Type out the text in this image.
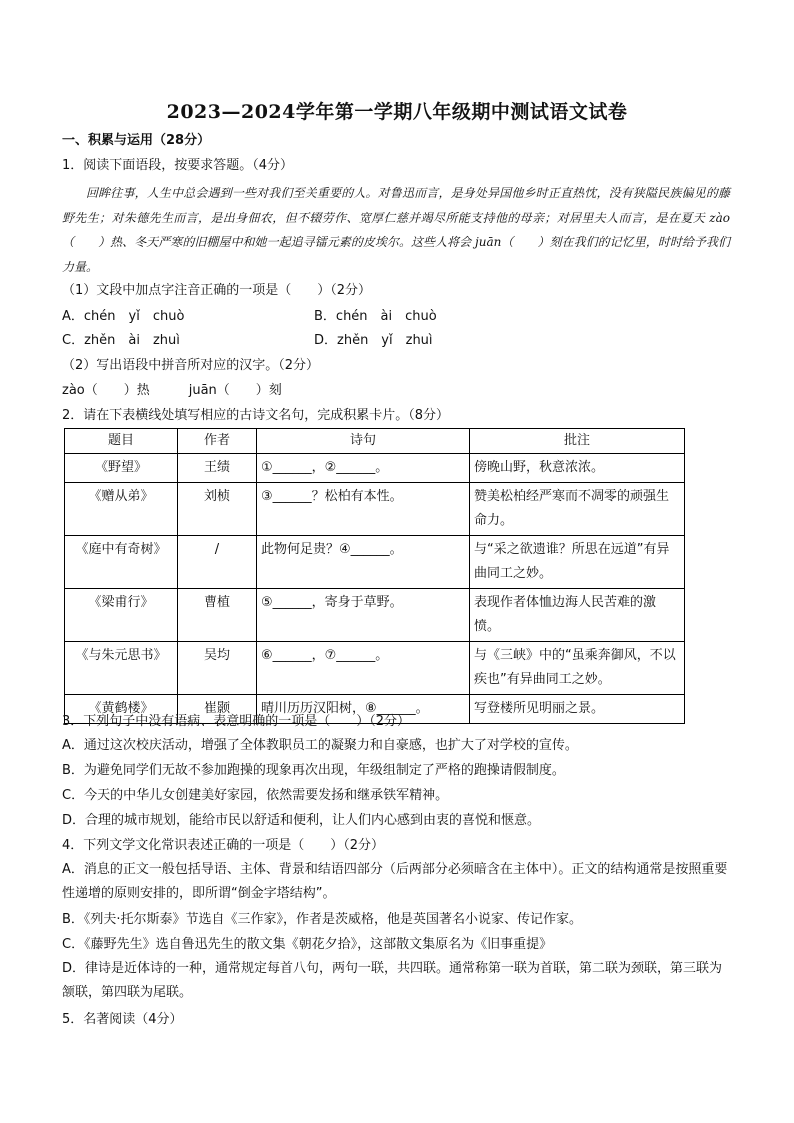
2023—2024学年第一学期八年级期中测试语文试卷
一、积累与运用（28分）
1．阅读下面语段，按要求答题。（4分）

回眸往事，人生中总会遇到一些对我们至关重要的人。对鲁迅而言，是身处异国他乡时正直热忱，没有狭隘民族偏见的藤野先生；对朱德先生而言，是出身佃农，但不辍劳作、宽厚仁慈并竭尽所能支持他的母亲；对居里夫人而言，是在夏天 zào（　　）热、冬天严寒的旧棚屋中和她一起追寻镭元素的皮埃尔。这些人将会 juān（　　）刻在我们的记忆里，时时给予我们力量。

（1）文段中加点字注音正确的一项是（　　）（2分）
A．chén　yǐ　chuò	B．chén　ài　chuò
C．zhěn　ài　zhuì	D．zhěn　yǐ　zhuì
（2）写出语段中拼音所对应的汉字。（2分）
zào（　　）热　　　juān（　　）刻
2．请在下表横线处填写相应的古诗文名句，完成积累卡片。（8分）
题目	作者	诗句	批注
《野望》	王绩	①______，②______。	傍晚山野，秋意浓浓。
《赠从弟》	刘桢	③______？松柏有本性。	赞美松柏经严寒而不凋零的顽强生命力。
《庭中有奇树》	/	此物何足贵？④______。	与“采之欲遗谁？所思在远道”有异曲同工之妙。
《梁甫行》	曹植	⑤______，寄身于草野。	表现作者体恤边海人民苦难的激愤。
《与朱元思书》	吴均	⑥______，⑦______。	与《三峡》中的“虽乘奔御风，不以疾也”有异曲同工之妙。
《黄鹤楼》	崔颢	晴川历历汉阳树，⑧______。	写登楼所见明丽之景。
3．下列句子中没有语病、表意明确的一项是（　　）（2分）
A．通过这次校庆活动，增强了全体教职员工的凝聚力和自豪感，也扩大了对学校的宣传。
B．为避免同学们无故不参加跑操的现象再次出现，年级组制定了严格的跑操请假制度。
C．今天的中华儿女创建美好家园，依然需要发扬和继承铁军精神。
D．合理的城市规划，能给市民以舒适和便利，让人们内心感到由衷的喜悦和惬意。
4．下列文学文化常识表述正确的一项是（　　）（2分）

A．消息的正文一般包括导语、主体、背景和结语四部分（后两部分必须暗含在主体中）。正文的结构通常是按照重要性递增的原则安排的，即所谓“倒金字塔结构”。

B．《列夫·托尔斯泰》节选自《三作家》，作者是茨威格，他是英国著名小说家、传记作家。
C．《藤野先生》选自鲁迅先生的散文集《朝花夕拾》，这部散文集原名为《旧事重提》

D．律诗是近体诗的一种，通常规定每首八句，两句一联，共四联。通常称第一联为首联，第二联为颈联，第三联为颔联，第四联为尾联。

5．名著阅读（4分）
